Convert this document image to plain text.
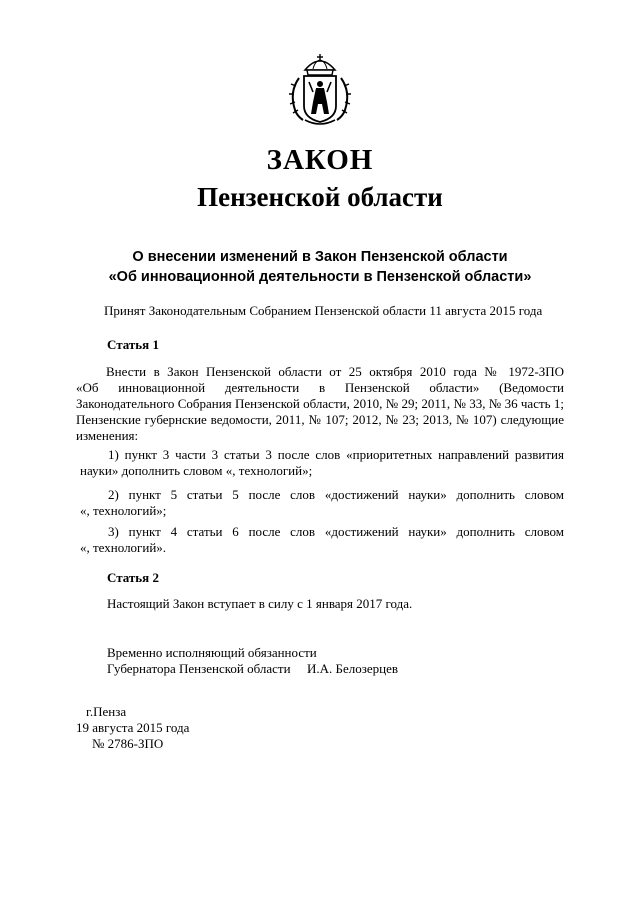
ЗАКОН
Пензенской области
О внесении изменений в Закон Пензенской области
«Об инновационной деятельности в Пензенской области»
Принят Законодательным Собранием Пензенской области 11 августа 2015 года
Статья 1
Внести в Закон Пензенской области от 25 октября 2010 года № 1972-ЗПО
«Об инновационной деятельности в Пензенской области» (Ведомости
Законодательного Собрания Пензенской области, 2010, № 29; 2011, № 33, № 36 часть 1;
Пензенские губернские ведомости, 2011, № 107; 2012, № 23; 2013, № 107) следующие
изменения:
1) пункт 3 части 3 статьи 3 после слов «приоритетных направлений развития
науки» дополнить словом «, технологий»;
2) пункт 5 статьи 5 после слов «достижений науки» дополнить словом
«, технологий»;
3) пункт 4 статьи 6 после слов «достижений науки» дополнить словом
«, технологий».
Статья 2
Настоящий Закон вступает в силу с 1 января 2017 года.
Временно исполняющий обязанности
Губернатора Пензенской области И.А. Белозерцев
г.Пенза
19 августа 2015 года
№ 2786-ЗПО
